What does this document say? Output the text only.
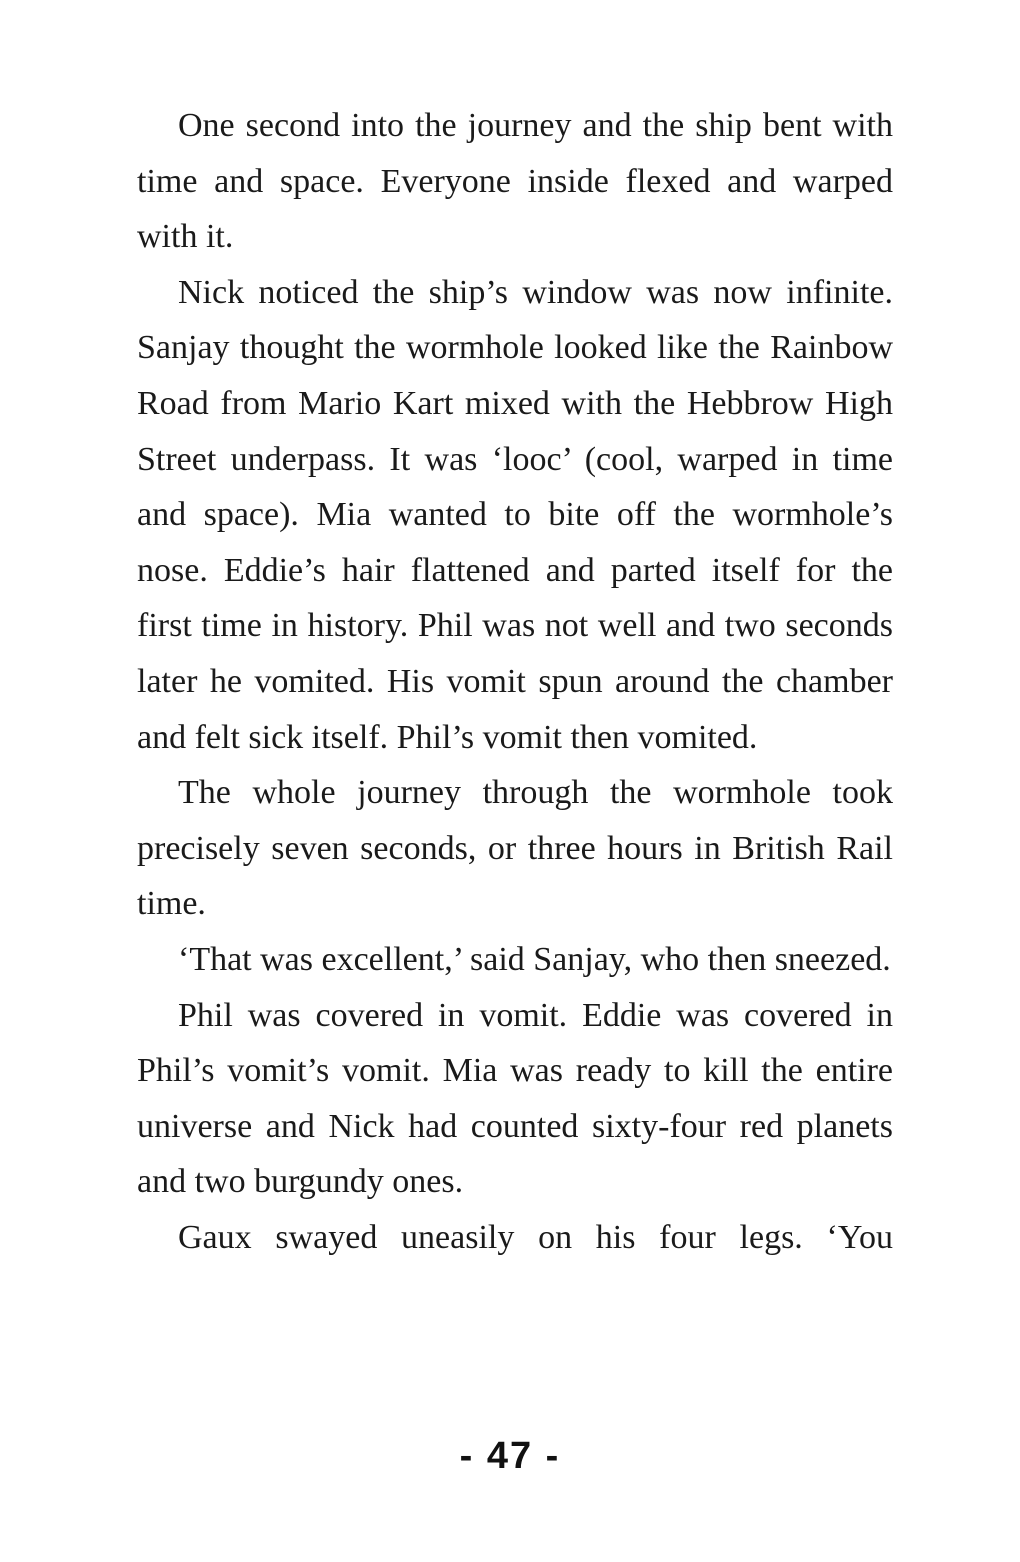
One second into the journey and the ship bent with time and space. Everyone inside flexed and warped with it.

Nick noticed the ship’s window was now infinite. Sanjay thought the wormhole looked like the Rainbow Road from Mario Kart mixed with the Hebbrow High Street underpass. It was ‘looc’ (cool, warped in time and space). Mia wanted to bite off the wormhole’s nose. Eddie’s hair flattened and parted itself for the first time in history. Phil was not well and two seconds later he vomited. His vomit spun around the chamber and felt sick itself. Phil’s vomit then vomited.

The whole journey through the wormhole took precisely seven seconds, or three hours in British Rail time.

‘That was excellent,’ said Sanjay, who then sneezed.

Phil was covered in vomit. Eddie was covered in Phil’s vomit’s vomit. Mia was ready to kill the entire universe and Nick had counted sixty-four red planets and two burgundy ones.

Gaux swayed uneasily on his four legs. ‘You

- 47 -
